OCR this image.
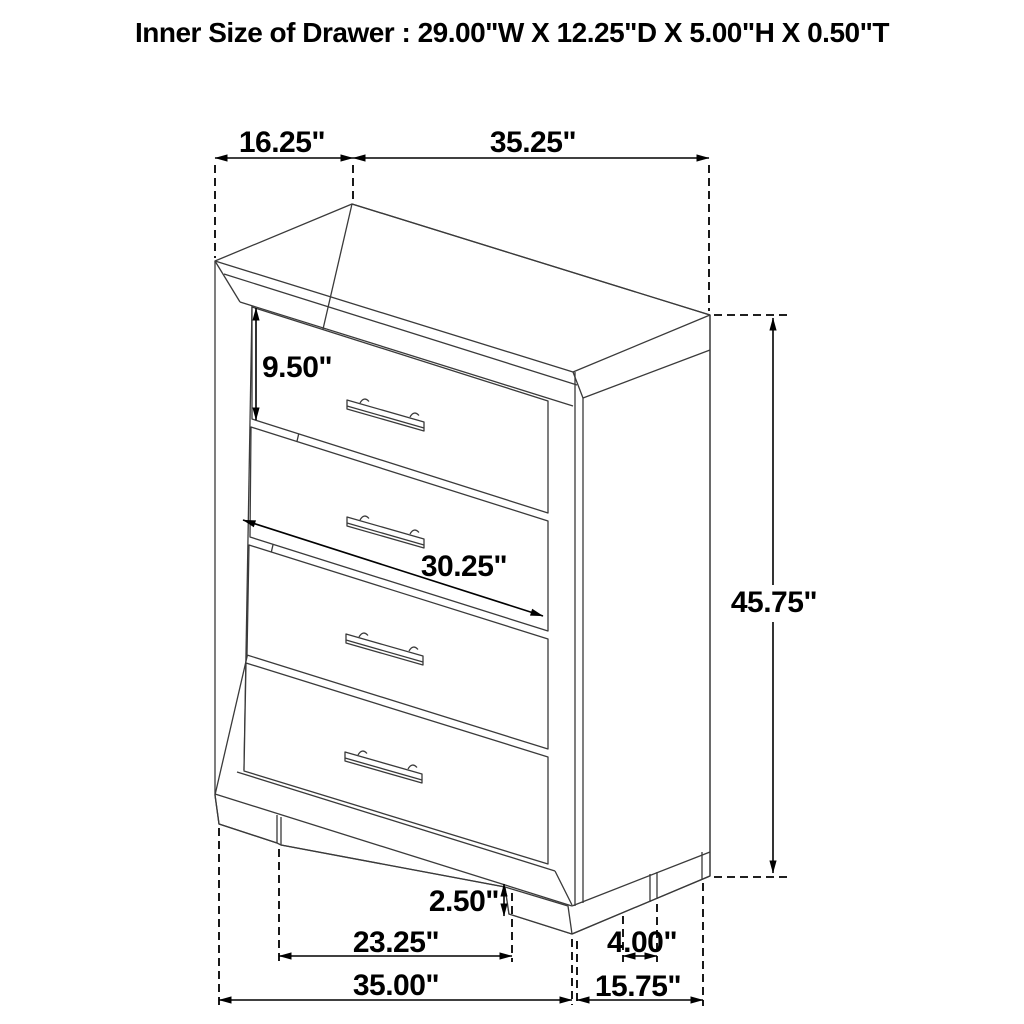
Inner Size of Drawer : 29.00"W X 12.25"D X 5.00"H X 0.50"T
16.25"	35.25"
9.50"
30.25"
45.75"
2.50"
23.25"	4.00"
35.00"	15.75"
